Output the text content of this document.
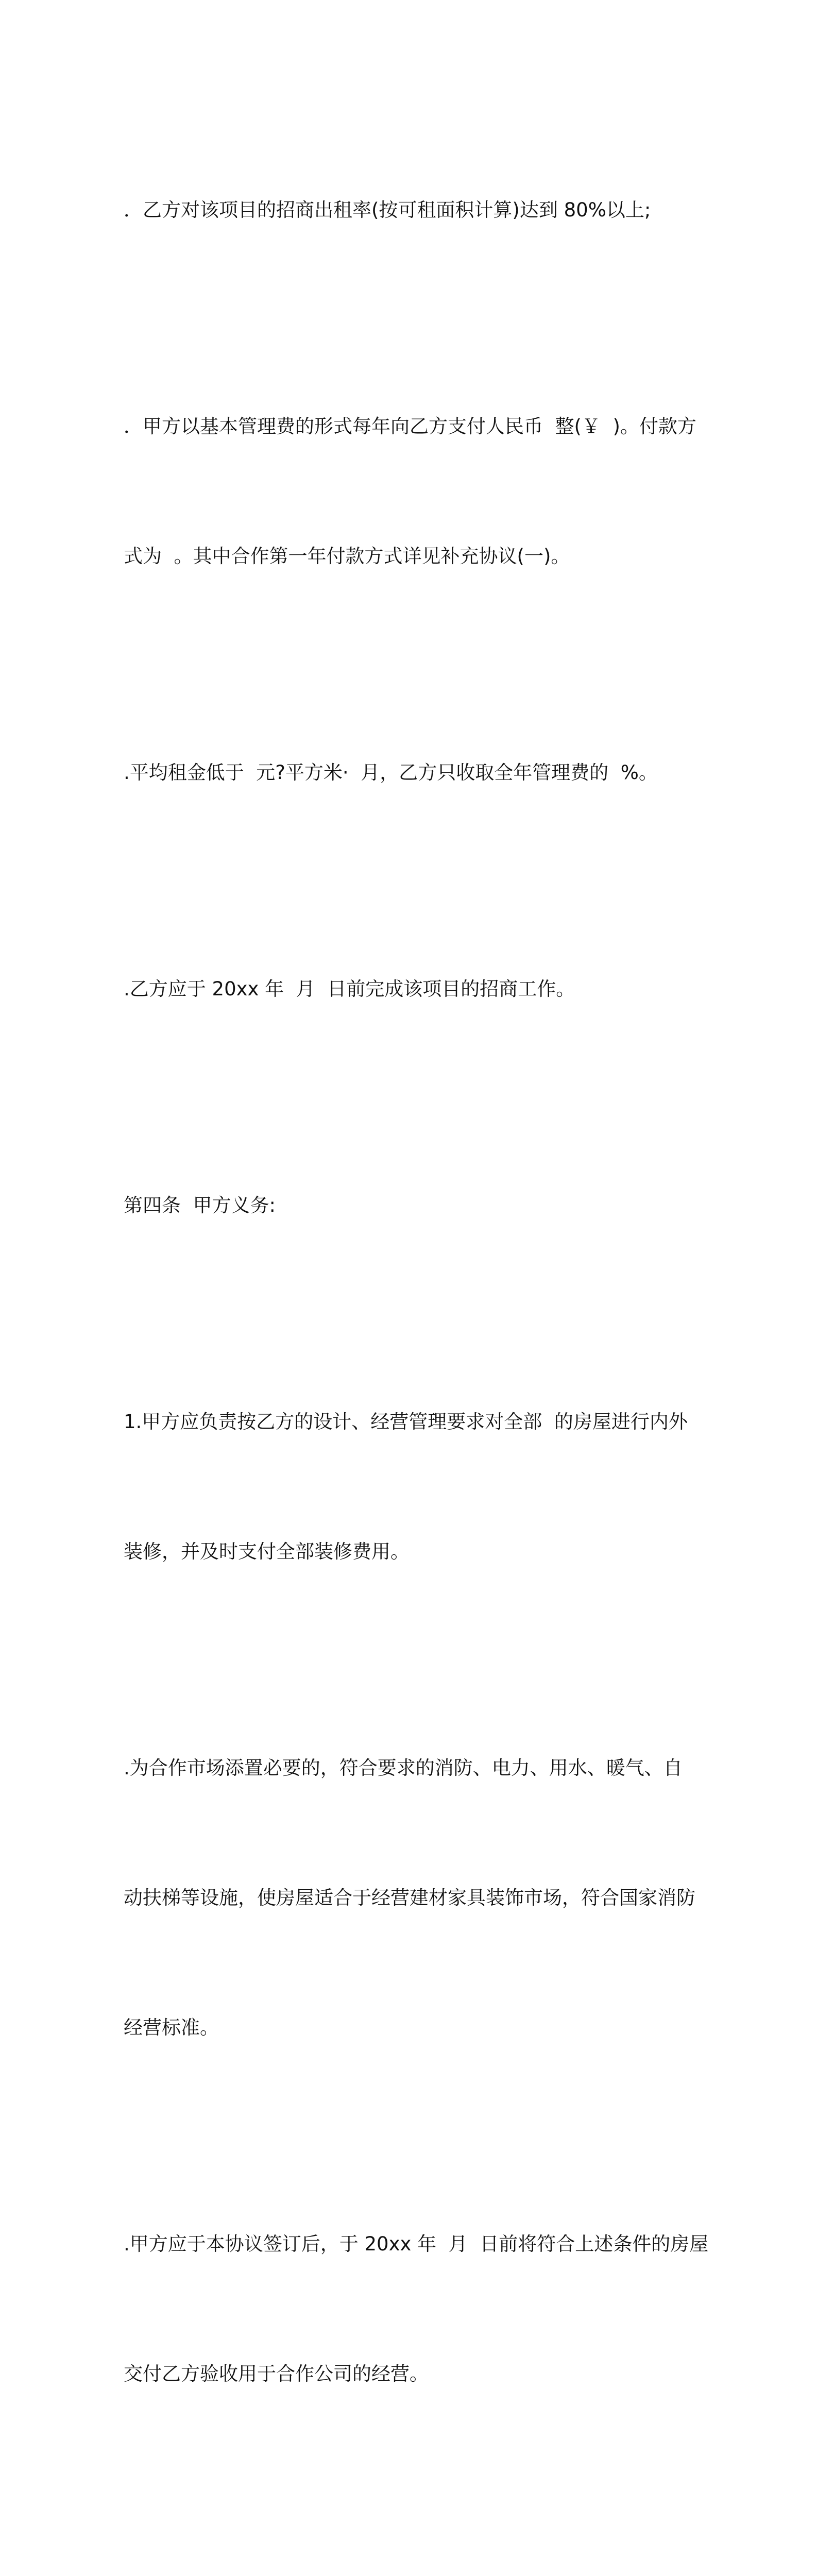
．乙方对该项目的招商出租率(按可租面积计算)达到 80%以上;

．甲方以基本管理费的形式每年向乙方支付人民币  整(￥  )。付款方

式为  。其中合作第一年付款方式详见补充协议(一)。

.平均租金低于  元?平方米·  月，乙方只收取全年管理费的  %。

.乙方应于 20xx 年  月  日前完成该项目的招商工作。

第四条  甲方义务:

1.甲方应负责按乙方的设计、经营管理要求对全部  的房屋进行内外

装修，并及时支付全部装修费用。

.为合作市场添置必要的，符合要求的消防、电力、用水、暖气、自

动扶梯等设施，使房屋适合于经营建材家具装饰市场，符合国家消防

经营标准。

.甲方应于本协议签订后，于 20xx 年  月  日前将符合上述条件的房屋

交付乙方验收用于合作公司的经营。
